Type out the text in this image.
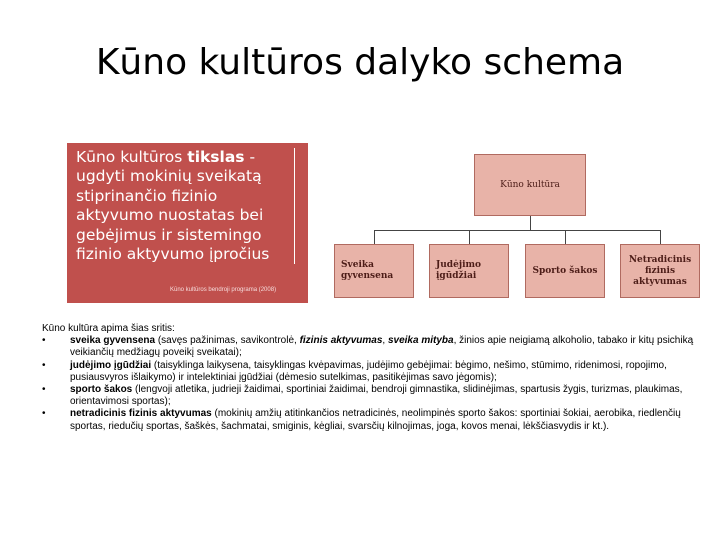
Kūno kultūros dalyko schema
Kūno kultūros tikslas - ugdyti mokinių sveikatą stiprinančio fizinio aktyvumo nuostatas bei gebėjimus ir sistemingo fizinio aktyvumo įpročius
Kūno kultūros bendroji programa (2008)
Kūno kultūra
Sveika
gyvensena
Judėjimo
įgūdžiai
Sporto šakos
Netradicinis
fizinis aktyvumas
Kūno kultūra apima šias sritis:
•	sveika gyvensena (savęs pažinimas, savikontrolė, fizinis aktyvumas, sveika mityba, žinios apie neigiamą alkoholio, tabako ir kitų psichiką veikiančių medžiagų poveikį sveikatai);
•	judėjimo įgūdžiai (taisyklinga laikysena, taisyklingas kvėpavimas, judėjimo gebėjimai: bėgimo, nešimo, stūmimo, ridenimosi, ropojimo, pusiausvyros išlaikymo) ir intelektiniai įgūdžiai (dėmesio sutelkimas, pasitikėjimas savo jėgomis);
•	sporto šakos (lengvoji atletika, judrieji žaidimai, sportiniai žaidimai, bendroji gimnastika, slidinėjimas, spartusis žygis, turizmas, plaukimas, orientavimosi sportas);
•	netradicinis fizinis aktyvumas (mokinių amžių atitinkančios netradicinės, neolimpinės sporto šakos: sportiniai šokiai, aerobika, riedlenčių sportas, riedučių sportas, šaškės, šachmatai, smiginis, kėgliai, svarsčių kilnojimas, joga, kovos menai, lėkščiasvydis ir kt.).
